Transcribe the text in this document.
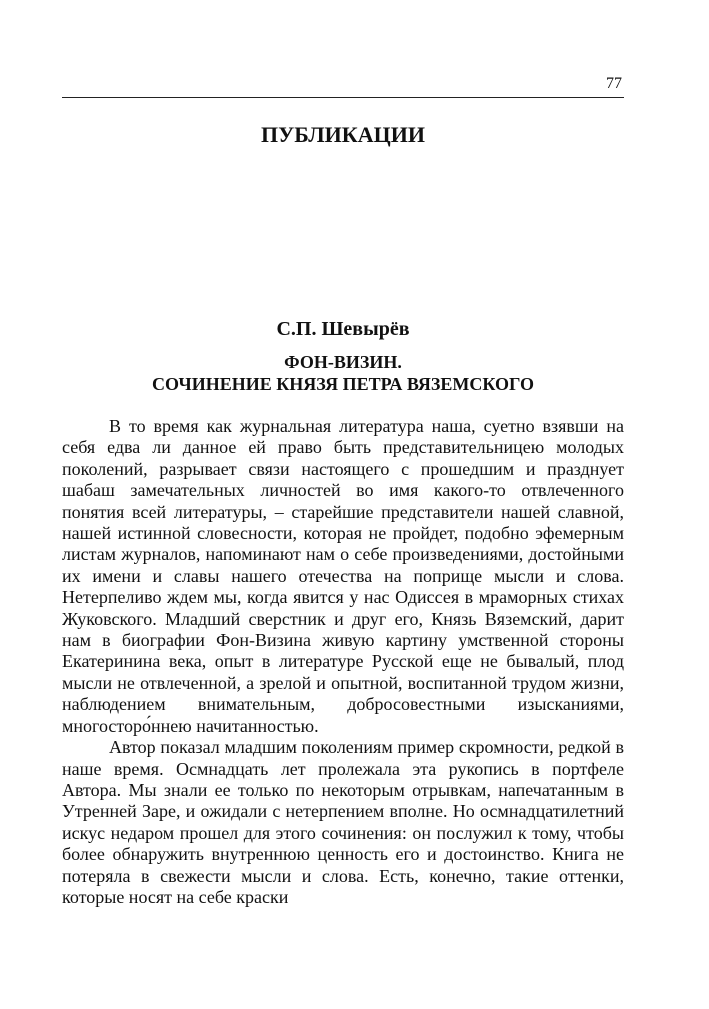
77
ПУБЛИКАЦИИ
С.П. Шевырёв
ФОН-ВИЗИН.
СОЧИНЕНИЕ КНЯЗЯ ПЕТРА ВЯЗЕМСКОГО

В то время как журнальная литература наша, суетно взявши на себя едва ли данное ей право быть представительницею молодых поколений, разрывает связи настоящего с прошедшим и празднует шабаш замечательных личностей во имя какого-то отвлеченного понятия всей литературы, – старейшие представители нашей славной, нашей истинной словесности, которая не пройдет, подобно эфемерным листам журналов, напоминают нам о себе произведениями, достойными их имени и славы нашего отечества на поприще мысли и слова. Нетерпеливо ждем мы, когда явится у нас Одиссея в мраморных стихах Жуковского. Младший сверстник и друг его, Князь Вяземский, дарит нам в биографии Фон-Визина живую картину умственной стороны Екатеринина века, опыт в литературе Русской еще не бывалый, плод мысли не отвлеченной, а зрелой и опытной, воспитанной трудом жизни, наблюдением внимательным, добросовестными изысканиями, многосторо́ннею начитанностью.

Автор показал младшим поколениям пример скромности, редкой в наше время. Осмнадцать лет пролежала эта рукопись в портфеле Автора. Мы знали ее только по некоторым отрывкам, напечатанным в Утренней Заре, и ожидали с нетерпением вполне. Но осмнадцатилетний искус недаром прошел для этого сочинения: он послужил к тому, чтобы более обнаружить внутреннюю ценность его и достоинство. Книга не потеряла в свежести мысли и слова. Есть, конечно, такие оттенки, которые носят на себе краски
